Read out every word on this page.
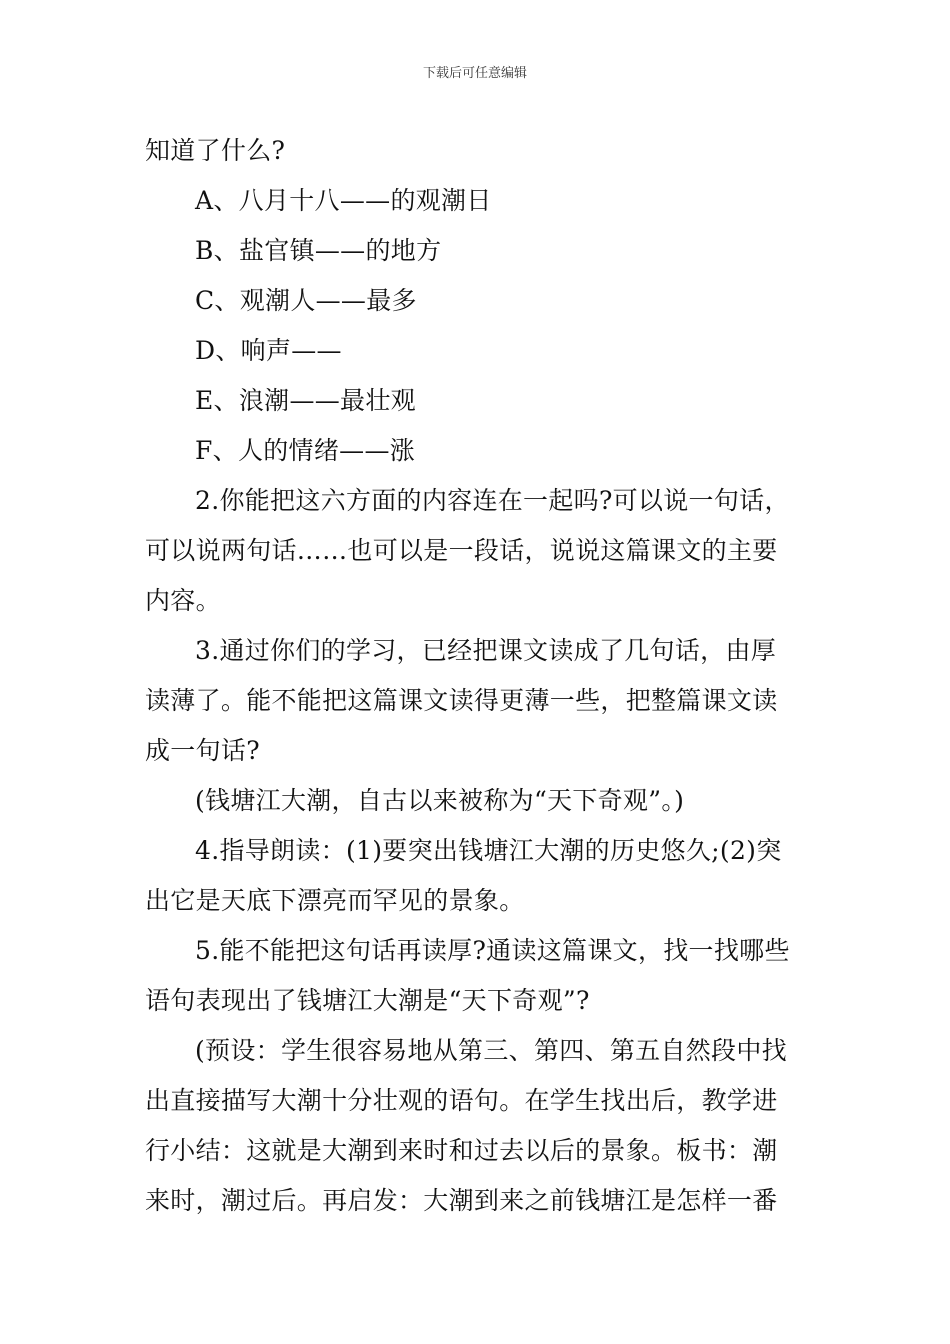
下载后可任意编辑
知道了什么?
A、八月十八——的观潮日
B、盐官镇——的地方
C、观潮人——最多
D、响声——
E、浪潮——最壮观
F、人的情绪——涨
2.你能把这六方面的内容连在一起吗?可以说一句话，
可以说两句话……也可以是一段话，说说这篇课文的主要
内容。
3.通过你们的学习，已经把课文读成了几句话，由厚
读薄了。能不能把这篇课文读得更薄一些，把整篇课文读
成一句话?
(钱塘江大潮，自古以来被称为“天下奇观”。)
4.指导朗读：(1)要突出钱塘江大潮的历史悠久;(2)突
出它是天底下漂亮而罕见的景象。
5.能不能把这句话再读厚?通读这篇课文，找一找哪些
语句表现出了钱塘江大潮是“天下奇观”?
(预设：学生很容易地从第三、第四、第五自然段中找
出直接描写大潮十分壮观的语句。在学生找出后，教学进
行小结：这就是大潮到来时和过去以后的景象。板书：潮
来时，潮过后。再启发：大潮到来之前钱塘江是怎样一番
